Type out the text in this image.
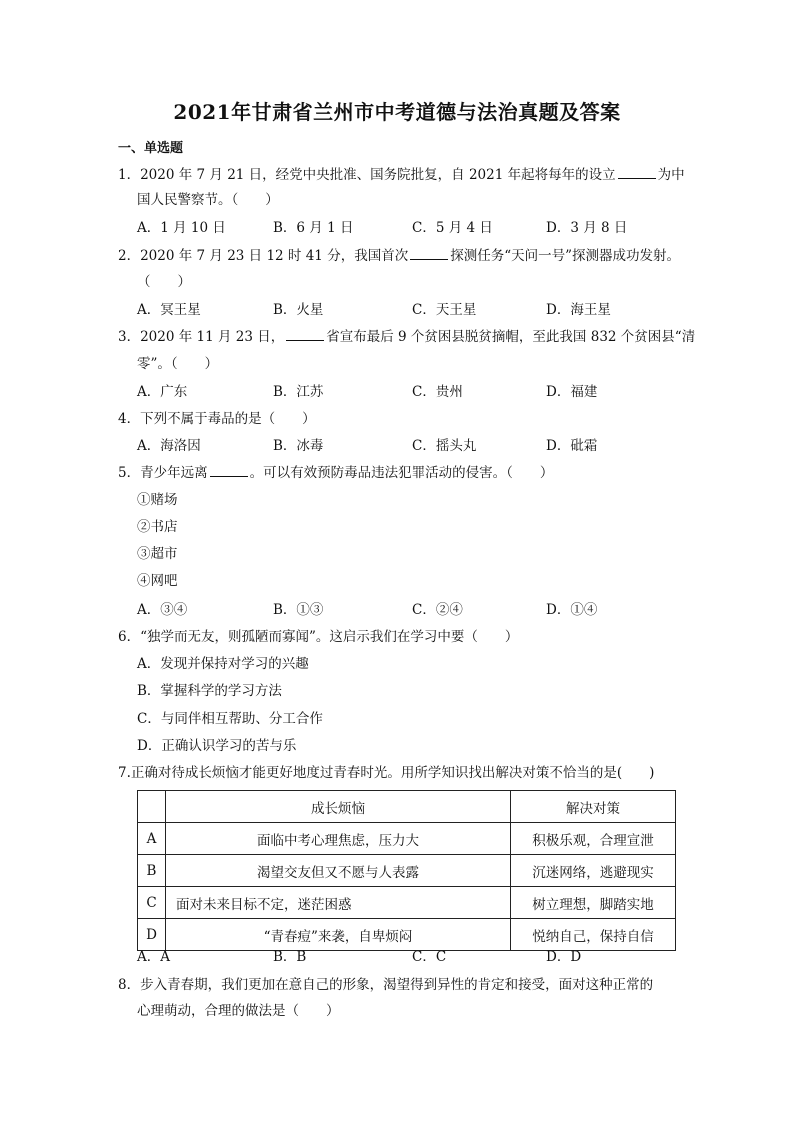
2021年甘肃省兰州市中考道德与法治真题及答案
一、单选题
1．2020 年 7 月 21 日，经党中央批准、国务院批复，自 2021 年起将每年的设立	为中
国人民警察节。（　　）
A．1 月 10 日	B．6 月 1 日	C．5 月 4 日	D．3 月 8 日
2．2020 年 7 月 23 日 12 时 41 分，我国首次	探测任务“天问一号”探测器成功发射。
（　　）
A．冥王星	B．火星	C．天王星	D．海王星
3．2020 年 11 月 23 日，	省宣布最后 9 个贫困县脱贫摘帽，至此我国 832 个贫困县“清
零”。（　　）
A．广东	B．江苏	C．贵州	D．福建
4．下列不属于毒品的是（　　）
A．海洛因	B．冰毒	C．摇头丸	D．砒霜
5．青少年远离	。可以有效预防毒品违法犯罪活动的侵害。（　　）
①赌场
②书店
③超市
④网吧
A．③④	B．①③	C．②④	D．①④
6．“独学而无友，则孤陋而寡闻”。这启示我们在学习中要（　　）
A．发现并保持对学习的兴趣
B．掌握科学的学习方法
C．与同伴相互帮助、分工合作
D．正确认识学习的苦与乐
7.正确对待成长烦恼才能更好地度过青春时光。用所学知识找出解决对策不恰当的是(　　)
	成长烦恼	解决对策
A	面临中考心理焦虑，压力大	积极乐观，合理宣泄
B	渴望交友但又不愿与人表露	沉迷网络，逃避现实
C	面对未来目标不定，迷茫困惑	树立理想，脚踏实地
D	“青春痘”来袭，自卑烦闷	悦纳自己，保持自信
A．A	B．B	C．C	D．D
8．步入青春期，我们更加在意自己的形象，渴望得到异性的肯定和接受，面对这种正常的
心理萌动，合理的做法是（　　）
